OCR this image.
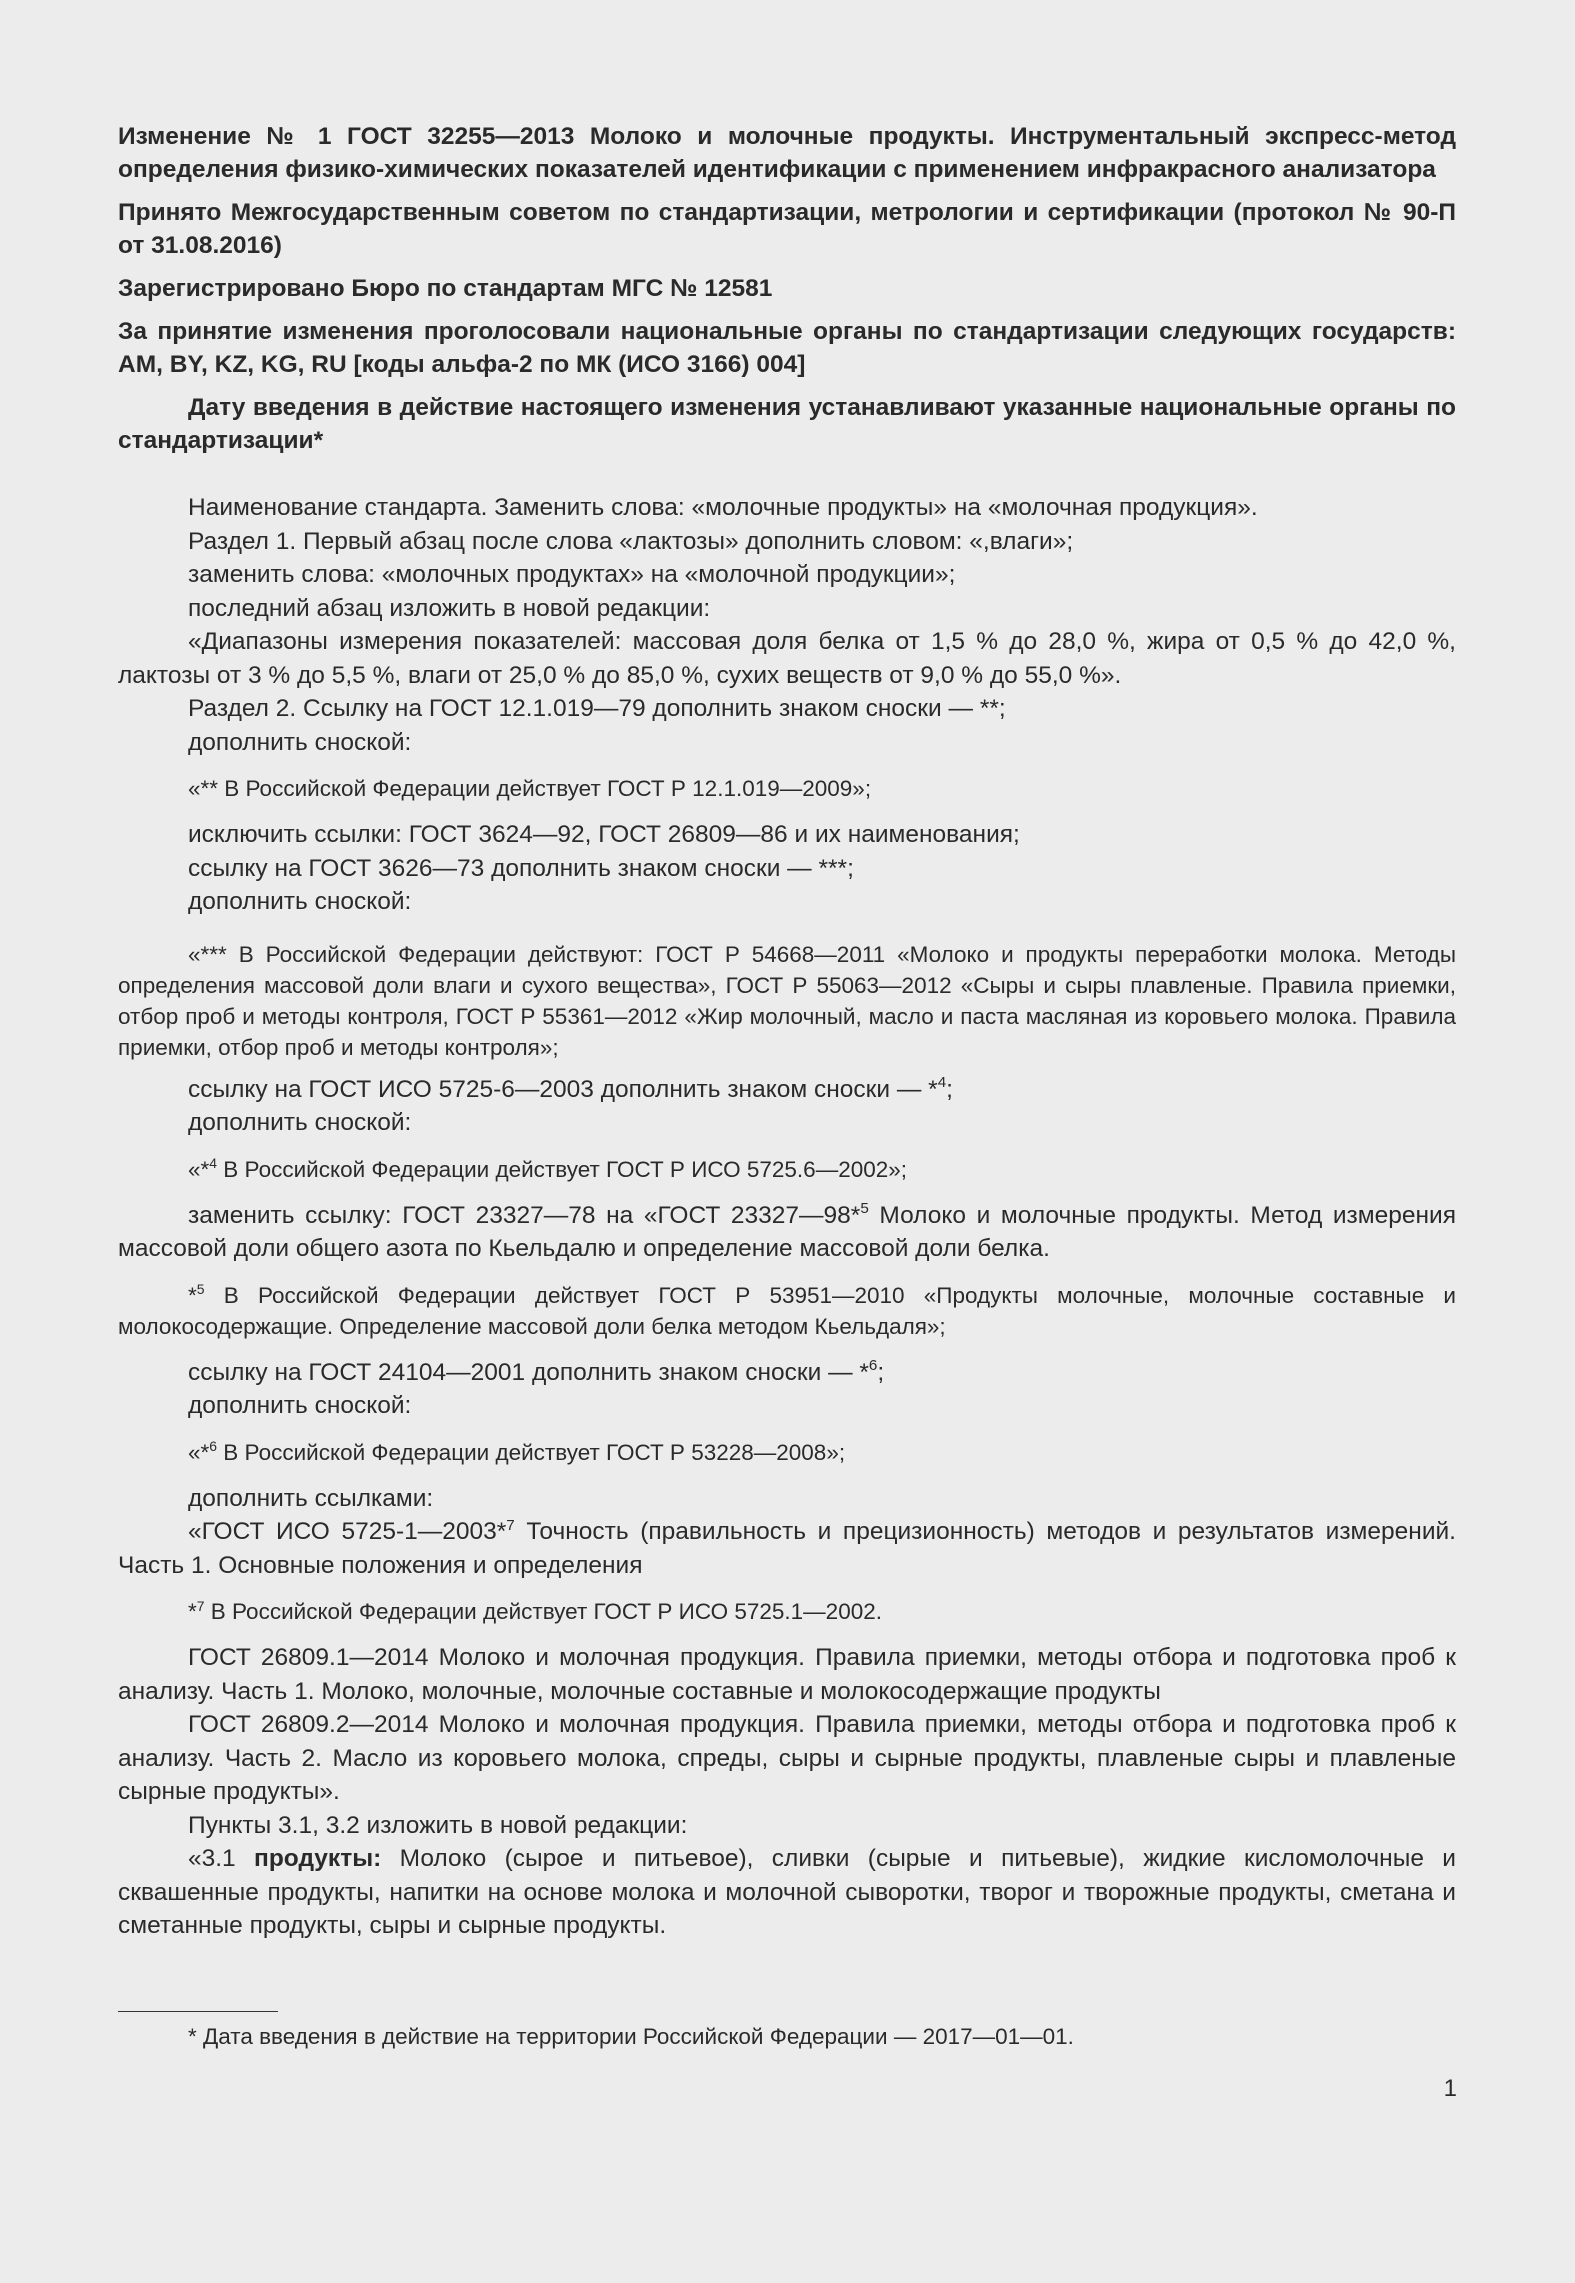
Изменение № 1 ГОСТ 32255—2013 Молоко и молочные продукты. Инструментальный экспресс-метод определения физико-химических показателей идентификации с применением инфракрасного анализатора

Принято Межгосударственным советом по стандартизации, метрологии и сертификации (протокол № 90-П от 31.08.2016)

Зарегистрировано Бюро по стандартам МГС № 12581

За принятие изменения проголосовали национальные органы по стандартизации следующих государств: AM, BY, KZ, KG, RU [коды альфа-2 по МК (ИСО 3166) 004]

Дату введения в действие настоящего изменения устанавливают указанные национальные органы по стандартизации*

Наименование стандарта. Заменить слова: «молочные продукты» на «молочная продукция».

Раздел 1. Первый абзац после слова «лактозы» дополнить словом: «,влаги»;

заменить слова: «молочных продуктах» на «молочной продукции»;

последний абзац изложить в новой редакции:

«Диапазоны измерения показателей: массовая доля белка от 1,5 % до 28,0 %, жира от 0,5 % до 42,0 %, лактозы от 3 % до 5,5 %, влаги от 25,0 % до 85,0 %, сухих веществ от 9,0 % до 55,0 %».

Раздел 2. Ссылку на ГОСТ 12.1.019—79 дополнить знаком сноски — **;

дополнить сноской:

«** В Российской Федерации действует ГОСТ Р 12.1.019—2009»;

исключить ссылки: ГОСТ 3624—92, ГОСТ 26809—86 и их наименования;

ссылку на ГОСТ 3626—73 дополнить знаком сноски — ***;

дополнить сноской:

«*** В Российской Федерации действуют: ГОСТ Р 54668—2011 «Молоко и продукты переработки молока. Методы определения массовой доли влаги и сухого вещества», ГОСТ Р 55063—2012 «Сыры и сыры плавленые. Правила приемки, отбор проб и методы контроля, ГОСТ Р 55361—2012 «Жир молочный, масло и паста масляная из коровьего молока. Правила приемки, отбор проб и методы контроля»;

ссылку на ГОСТ ИСО 5725-6—2003 дополнить знаком сноски — *$^4$;

дополнить сноской:

«*$^4$ В Российской Федерации действует ГОСТ Р ИСО 5725.6—2002»;

заменить ссылку: ГОСТ 23327—78 на «ГОСТ 23327—98*$^5$ Молоко и молочные продукты. Метод измерения массовой доли общего азота по Кьельдалю и определение массовой доли белка.

*$^5$ В Российской Федерации действует ГОСТ Р 53951—2010 «Продукты молочные, молочные составные и молокосодержащие. Определение массовой доли белка методом Кьельдаля»;

ссылку на ГОСТ 24104—2001 дополнить знаком сноски — *$^6$;

дополнить сноской:

«*$^6$ В Российской Федерации действует ГОСТ Р 53228—2008»;

дополнить ссылками:

«ГОСТ ИСО 5725-1—2003*$^7$ Точность (правильность и прецизионность) методов и результатов измерений. Часть 1. Основные положения и определения

*$^7$ В Российской Федерации действует ГОСТ Р ИСО 5725.1—2002.

ГОСТ 26809.1—2014 Молоко и молочная продукция. Правила приемки, методы отбора и подготовка проб к анализу. Часть 1. Молоко, молочные, молочные составные и молокосодержащие продукты

ГОСТ 26809.2—2014 Молоко и молочная продукция. Правила приемки, методы отбора и подготовка проб к анализу. Часть 2. Масло из коровьего молока, спреды, сыры и сырные продукты, плавленые сыры и плавленые сырные продукты».

Пункты 3.1, 3.2 изложить в новой редакции:

«3.1 продукты: Молоко (сырое и питьевое), сливки (сырые и питьевые), жидкие кисломолочные и сквашенные продукты, напитки на основе молока и молочной сыворотки, творог и творожные продукты, сметана и сметанные продукты, сыры и сырные продукты.

* Дата введения в действие на территории Российской Федерации — 2017—01—01.
1
